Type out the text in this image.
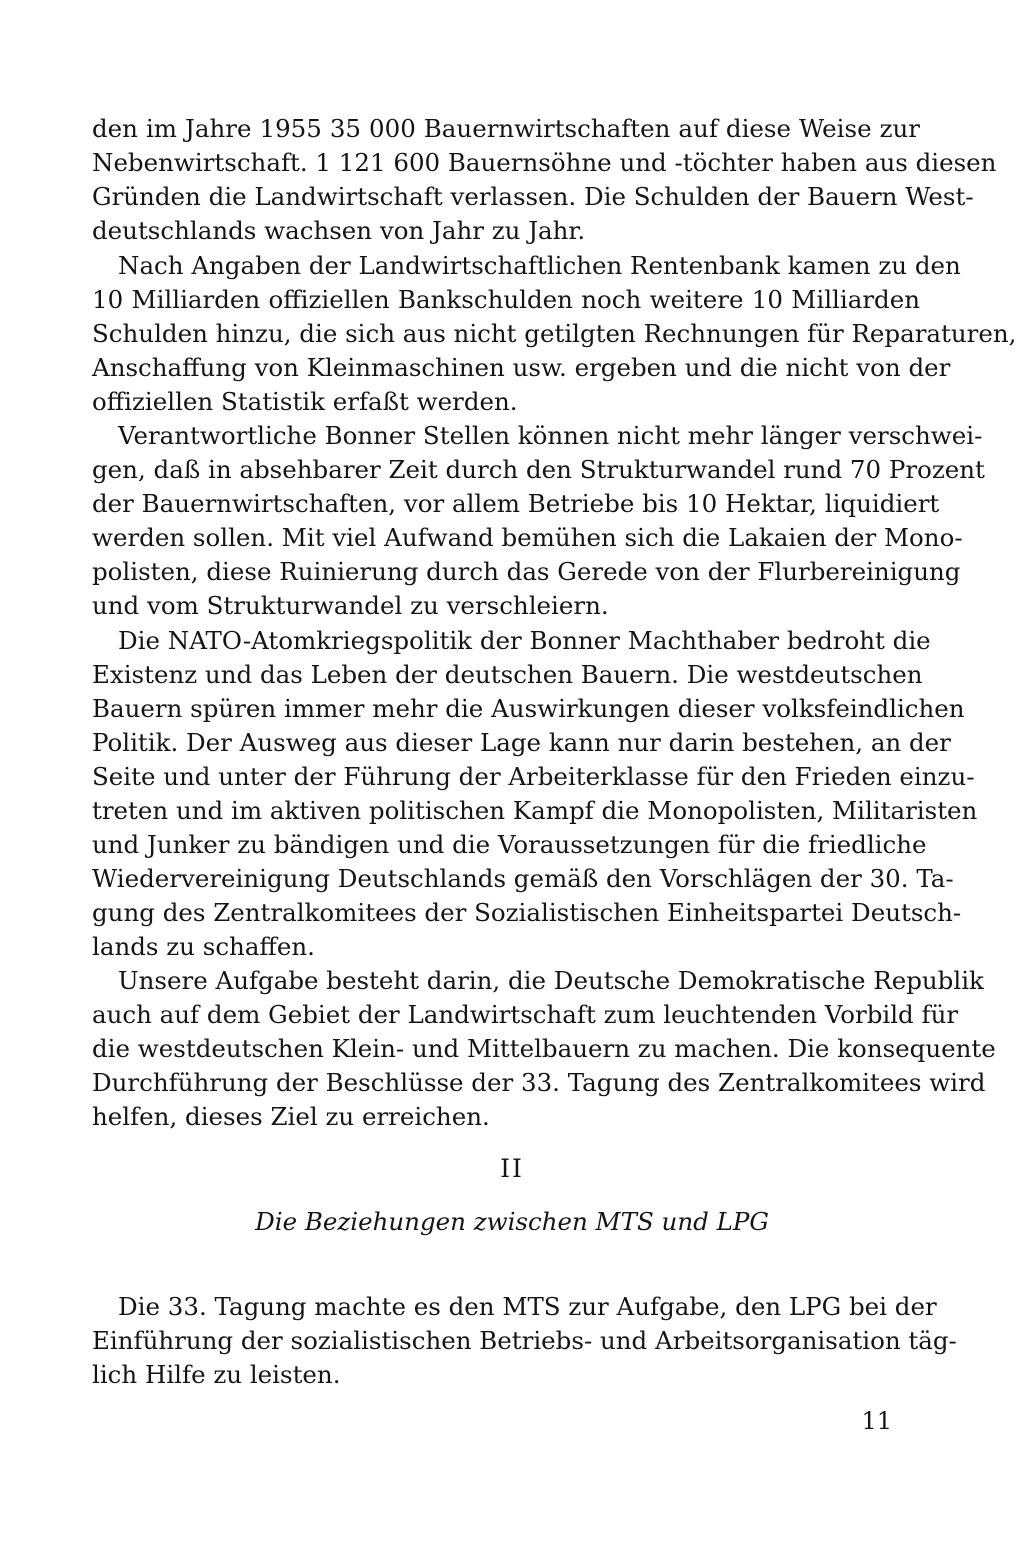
den im Jahre 1955 35 000 Bauernwirtschaften auf diese Weise zur
Nebenwirtschaft. 1 121 600 Bauernsöhne und -töchter haben aus diesen
Gründen die Landwirtschaft verlassen. Die Schulden der Bauern West-
deutschlands wachsen von Jahr zu Jahr.
Nach Angaben der Landwirtschaftlichen Rentenbank kamen zu den
10 Milliarden offiziellen Bankschulden noch weitere 10 Milliarden
Schulden hinzu, die sich aus nicht getilgten Rechnungen für Reparaturen,
Anschaffung von Kleinmaschinen usw. ergeben und die nicht von der
offiziellen Statistik erfaßt werden.
Verantwortliche Bonner Stellen können nicht mehr länger verschwei-
gen, daß in absehbarer Zeit durch den Strukturwandel rund 70 Prozent
der Bauernwirtschaften, vor allem Betriebe bis 10 Hektar, liquidiert
werden sollen. Mit viel Aufwand bemühen sich die Lakaien der Mono-
polisten, diese Ruinierung durch das Gerede von der Flurbereinigung
und vom Strukturwandel zu verschleiern.
Die NATO-Atomkriegspolitik der Bonner Machthaber bedroht die
Existenz und das Leben der deutschen Bauern. Die westdeutschen
Bauern spüren immer mehr die Auswirkungen dieser volksfeindlichen
Politik. Der Ausweg aus dieser Lage kann nur darin bestehen, an der
Seite und unter der Führung der Arbeiterklasse für den Frieden einzu-
treten und im aktiven politischen Kampf die Monopolisten, Militaristen
und Junker zu bändigen und die Voraussetzungen für die friedliche
Wiedervereinigung Deutschlands gemäß den Vorschlägen der 30. Ta-
gung des Zentralkomitees der Sozialistischen Einheitspartei Deutsch-
lands zu schaffen.
Unsere Aufgabe besteht darin, die Deutsche Demokratische Republik
auch auf dem Gebiet der Landwirtschaft zum leuchtenden Vorbild für
die westdeutschen Klein- und Mittelbauern zu machen. Die konsequente
Durchführung der Beschlüsse der 33. Tagung des Zentralkomitees wird
helfen, dieses Ziel zu erreichen.
II
Die Beziehungen zwischen MTS und LPG
Die 33. Tagung machte es den MTS zur Aufgabe, den LPG bei der
Einführung der sozialistischen Betriebs- und Arbeitsorganisation täg-
lich Hilfe zu leisten.
11
